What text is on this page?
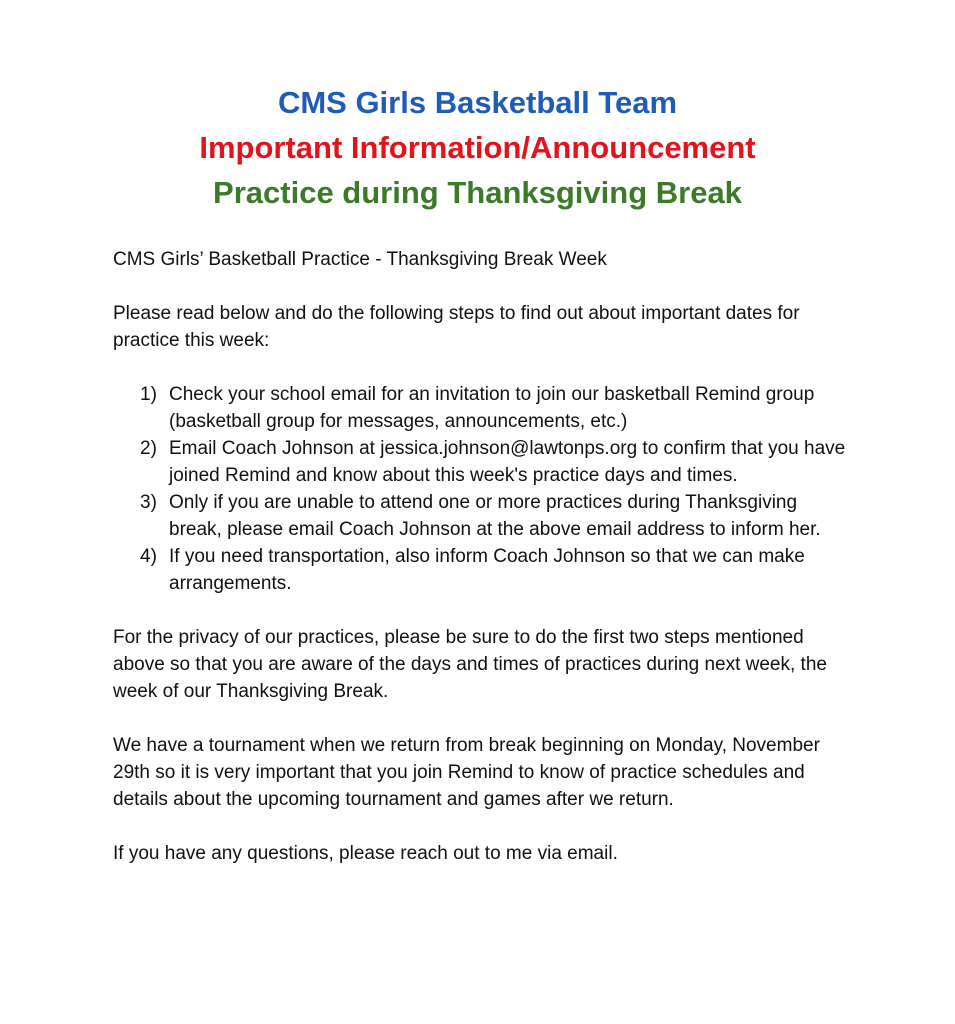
CMS Girls Basketball Team

Important Information/Announcement

Practice during Thanksgiving Break

CMS Girls’ Basketball Practice - Thanksgiving Break Week

Please read below and do the following steps to find out about important dates for practice this week:

1) Check your school email for an invitation to join our basketball Remind group (basketball group for messages, announcements, etc.)
2) Email Coach Johnson at jessica.johnson@lawtonps.org to confirm that you have joined Remind and know about this week's practice days and times.
3) Only if you are unable to attend one or more practices during Thanksgiving break, please email Coach Johnson at the above email address to inform her.
4) If you need transportation, also inform Coach Johnson so that we can make arrangements.

For the privacy of our practices, please be sure to do the first two steps mentioned above so that you are aware of the days and times of practices during next week, the week of our Thanksgiving Break.

We have a tournament when we return from break beginning on Monday, November 29th so it is very important that you join Remind to know of practice schedules and details about the upcoming tournament and games after we return.

If you have any questions, please reach out to me via email.
